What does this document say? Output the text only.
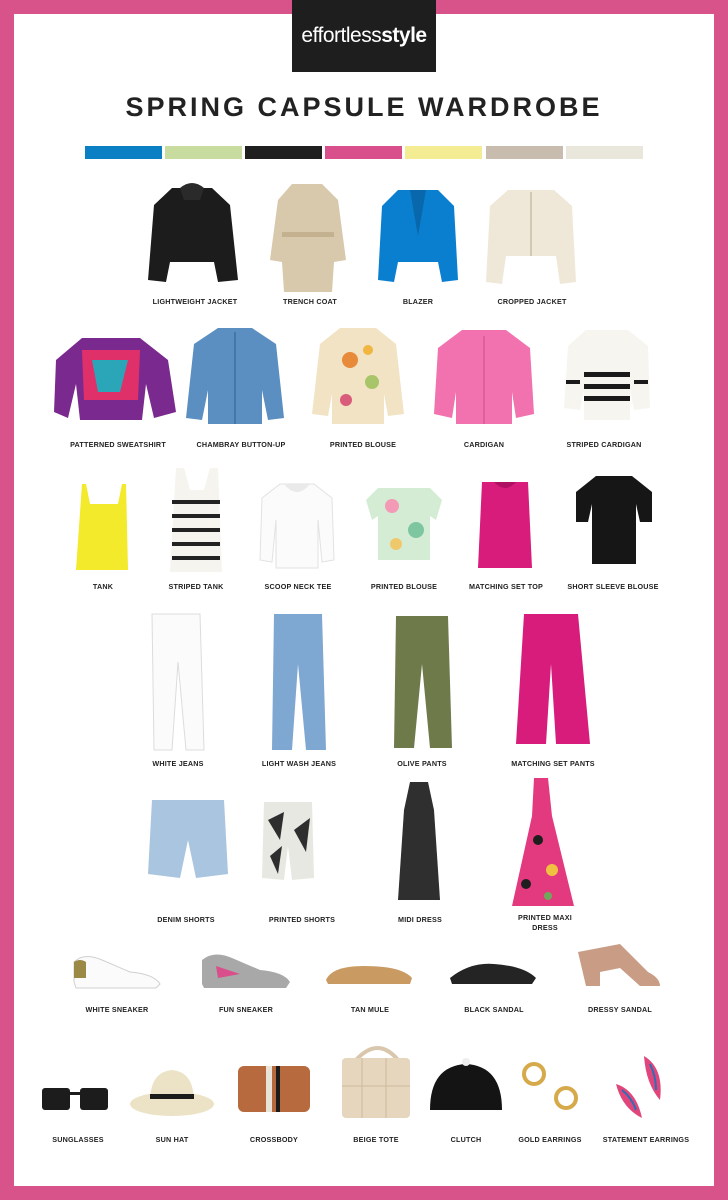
effortless style
SPRING CAPSULE WARDROBE
LIGHTWEIGHT JACKET	TRENCH COAT	BLAZER	CROPPED JACKET
PATTERNED SWEATSHIRT	CHAMBRAY BUTTON-UP	PRINTED BLOUSE	CARDIGAN	STRIPED CARDIGAN
TANK	STRIPED TANK	SCOOP NECK TEE	PRINTED BLOUSE	MATCHING SET TOP	SHORT SLEEVE BLOUSE
WHITE JEANS	LIGHT WASH JEANS	OLIVE PANTS	MATCHING SET PANTS
DENIM SHORTS	PRINTED SHORTS	MIDI DRESS	PRINTED MAXI DRESS
WHITE SNEAKER	FUN SNEAKER	TAN MULE	BLACK SANDAL	DRESSY SANDAL
SUNGLASSES	SUN HAT	CROSSBODY	BEIGE TOTE	CLUTCH	GOLD EARRINGS	STATEMENT EARRINGS
